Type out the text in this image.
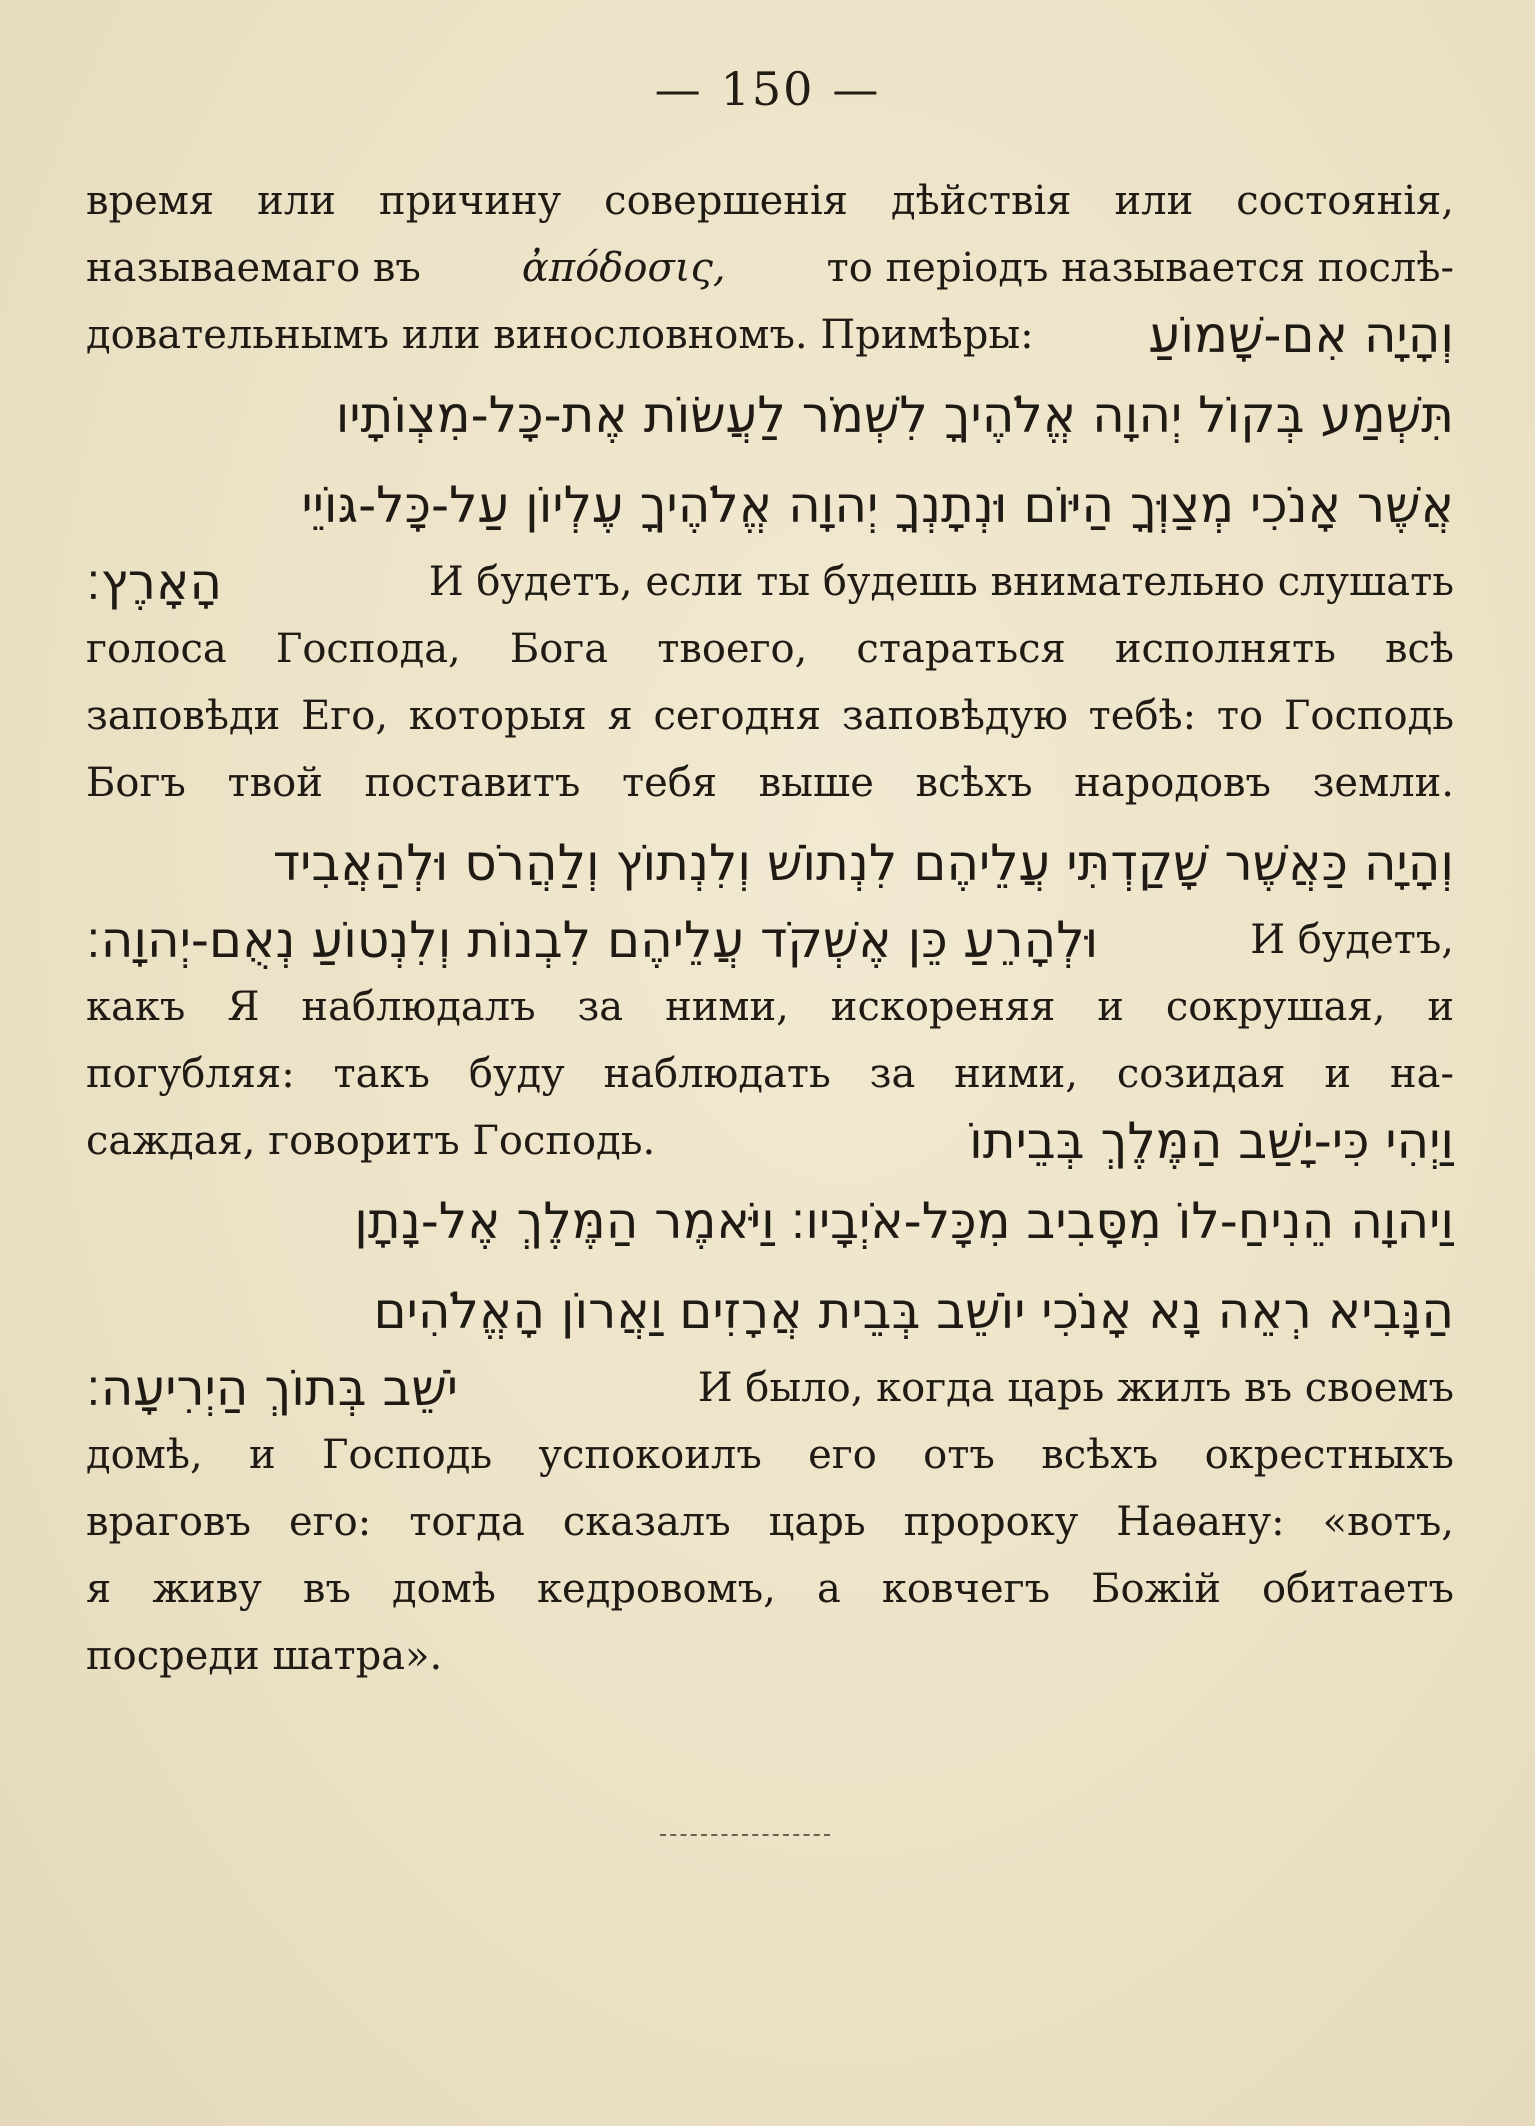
— 150 —
время или причину совершенія дѣйствія или состоянія,
называемаго въ	ἀπόδοσις,	то періодъ называется послѣ-
довательнымъ или винословномъ. Примѣры: וְהָיָה אִם-שָׁמוֹעַ
תִּשְׁמַע בְּקוֹל יְהוָה אֱלֹהֶיךָ לִשְׁמֹר לַעֲשׂוֹת אֶת-כָּל-מִצְוֹתָיו
אֲשֶׁר אָנֹכִי מְצַוְּךָ הַיּוֹם וּנְתָנְךָ יְהוָה אֱלֹהֶיךָ עֶלְיוֹן עַל-כָּל-גּוֹיֵי
הָאָרֶץ׃	И будетъ, если ты будешь внимательно слушать
голоса Господа, Бога твоего, стараться исполнять всѣ
заповѣди Его, которыя я сегодня заповѣдую тебѣ: то Господь
Богъ твой поставитъ тебя выше всѣхъ народовъ земли.
וְהָיָה כַּאֲשֶׁר שָׁקַדְתִּי עֲלֵיהֶם לִנְתוֹשׁ וְלִנְתוֹץ וְלַהֲרֹס וּלְהַאֲבִיד
וּלְהָרֵעַ כֵּן אֶשְׁקֹד עֲלֵיהֶם לִבְנוֹת וְלִנְטוֹעַ נְאֻם-יְהוָה׃	И будетъ,
какъ Я наблюдалъ за ними, искореняя и сокрушая, и
погубляя: такъ буду наблюдать за ними, созидая и на-
саждая, говоритъ Господь.	וַיְהִי כִּי-יָשַׁב הַמֶּלֶךְ בְּבֵיתוֹ
וַיהוָה הֵנִיחַ-לוֹ מִסָּבִיב מִכָּל-אֹיְבָיו׃ וַיֹּאמֶר הַמֶּלֶךְ אֶל-נָתָן
הַנָּבִיא רְאֵה נָא אָנֹכִי יוֹשֵׁב בְּבֵית אֲרָזִים וַאֲרוֹן הָאֱלֹהִים
יֹשֵׁב בְּתוֹךְ הַיְרִיעָה׃	И было, когда царь жилъ въ своемъ
домѣ, и Господь успокоилъ его отъ всѣхъ окрестныхъ
враговъ его: тогда сказалъ царь пророку Наѳану: «вотъ,
я живу въ домѣ кедровомъ, а ковчегъ Божій обитаетъ
посреди шатра».
